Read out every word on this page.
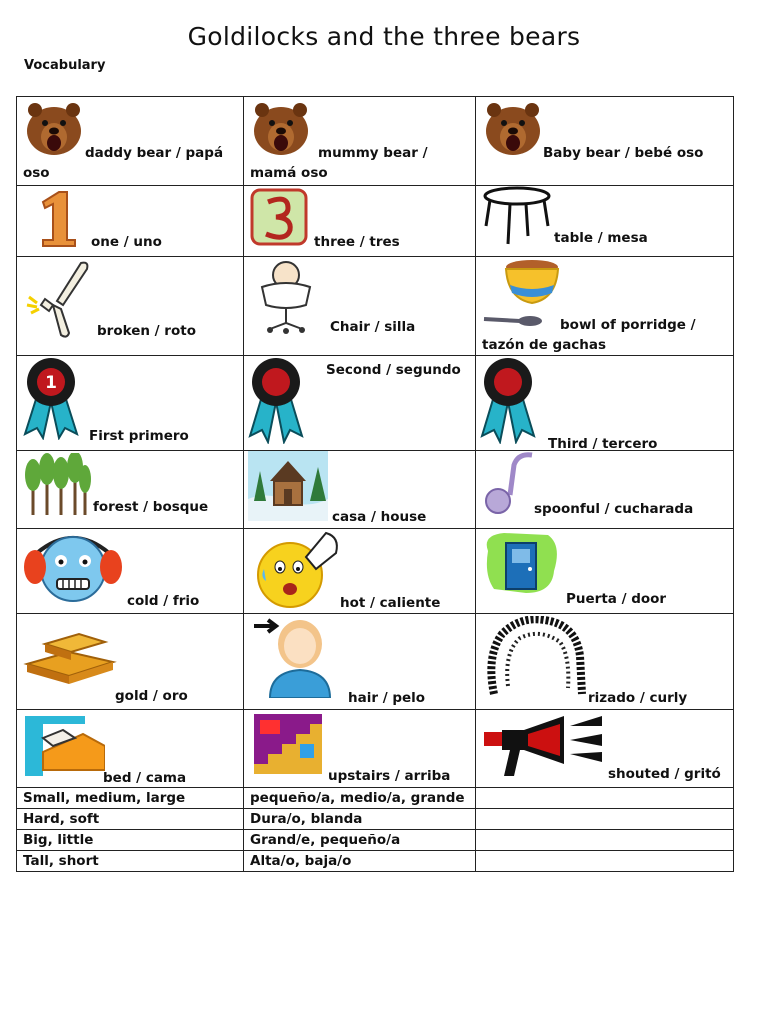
Goldilocks and the three bears
Vocabulary
daddy bear / papá oso	mummy bear / mamá oso	Baby bear / bebé oso

one / uno	three / tres	table / mesa

broken / roto	Chair / silla	bowl of porridge / tazón de gachas

1
First primero	Second / segundo	Third / tercero

forest / bosque	casa / house	spoonful / cucharada

cold / frio	hot / caliente	Puerta / door

gold / oro	hair / pelo	rizado / curly

bed / cama	upstairs / arriba	shouted / gritó

Small, medium, large	pequeño/a, medio/a, grande	

Hard, soft	Dura/o, blanda	

Big, little	Grand/e, pequeño/a	

Tall, short	Alta/o, baja/o	
